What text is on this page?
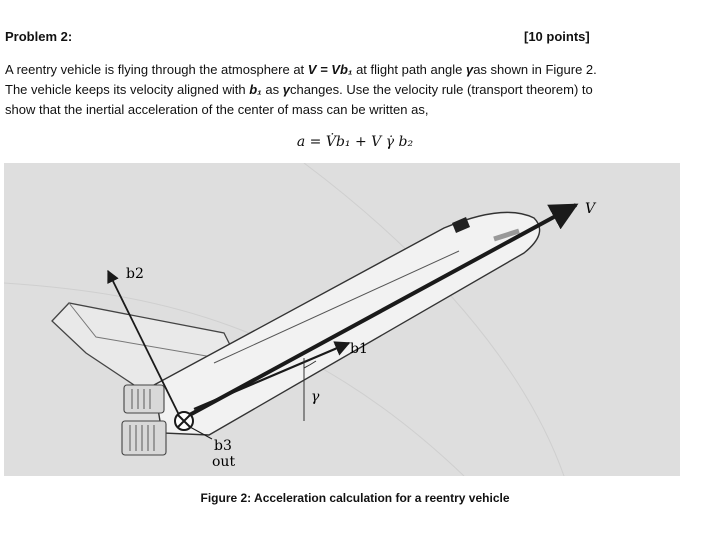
Problem 2:	[10 points]
A reentry vehicle is flying through the atmosphere at V = Vb₁ at flight path angle γas shown in Figure 2.
The vehicle keeps its velocity aligned with b₁ as γchanges. Use the velocity rule (transport theorem) to
show that the inertial acceleration of the center of mass can be written as,
a = V̇b₁ + V γ̇ b₂
V
b1
b2
b3
out
γ
Figure 2: Acceleration calculation for a reentry vehicle
